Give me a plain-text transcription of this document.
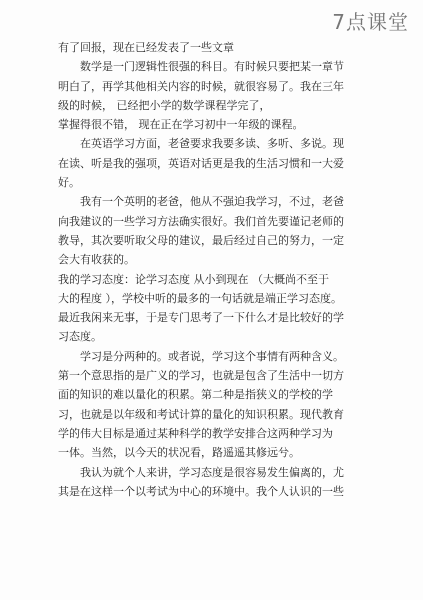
7点课堂
有了回报，现在已经发表了一些文章
数学是一门逻辑性很强的科目。有时候只要把某一章节
明白了，再学其他相关内容的时候，就很容易了。我在三年
级的时候， 已经把小学的数学课程学完了，
掌握得很不错， 现在正在学习初中一年级的课程。
在英语学习方面，老爸要求我要多读、多听、多说。现
在读、听是我的强项，英语对话更是我的生活习惯和一大爱
好。
我有一个英明的老爸，他从不强迫我学习，不过，老爸
向我建议的一些学习方法确实很好。我们首先要谨记老师的
教导，其次要听取父母的建议，最后经过自己的努力，一定
会大有收获的。
我的学习态度：论学习态度 从小到现在 （大概尚不至于
大的程度 ），学校中听的最多的一句话就是端正学习态度。
最近我闲来无事，于是专门思考了一下什么才是比较好的学
习态度。
学习是分两种的。或者说，学习这个事情有两种含义。
第一个意思指的是广义的学习，也就是包含了生活中一切方
面的知识的难以量化的积累。第二种是指狭义的学校的学
习，也就是以年级和考试计算的量化的知识积累。现代教育
学的伟大目标是通过某种科学的教学安排合这两种学习为
一体。当然，以今天的状况看，路遥遥其修远兮。
我认为就个人来讲，学习态度是很容易发生偏离的，尤
其是在这样一个以考试为中心的环境中。我个人认识的一些
